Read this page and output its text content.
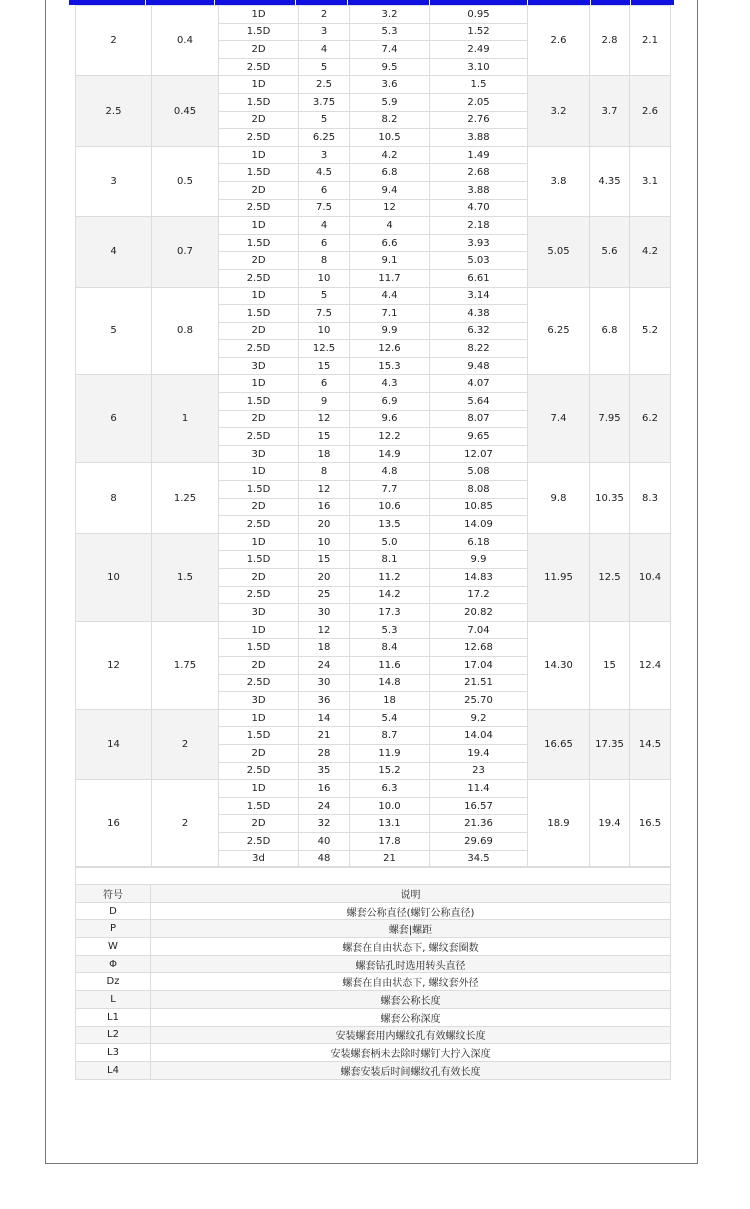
2	0.4	1D	2	3.2	0.95	2.6	2.8	2.1
		1.5D	3	5.3	1.52			
		2D	4	7.4	2.49			
		2.5D	5	9.5	3.10			
2.5	0.45	1D	2.5	3.6	1.5	3.2	3.7	2.6
		1.5D	3.75	5.9	2.05			
		2D	5	8.2	2.76			
		2.5D	6.25	10.5	3.88			
3	0.5	1D	3	4.2	1.49	3.8	4.35	3.1
		1.5D	4.5	6.8	2.68			
		2D	6	9.4	3.88			
		2.5D	7.5	12	4.70			
4	0.7	1D	4	4	2.18	5.05	5.6	4.2
		1.5D	6	6.6	3.93			
		2D	8	9.1	5.03			
		2.5D	10	11.7	6.61			
5	0.8	1D	5	4.4	3.14	6.25	6.8	5.2
		1.5D	7.5	7.1	4.38			
		2D	10	9.9	6.32			
		2.5D	12.5	12.6	8.22			
		3D	15	15.3	9.48			
6	1	1D	6	4.3	4.07	7.4	7.95	6.2
		1.5D	9	6.9	5.64			
		2D	12	9.6	8.07			
		2.5D	15	12.2	9.65			
		3D	18	14.9	12.07			
8	1.25	1D	8	4.8	5.08	9.8	10.35	8.3
		1.5D	12	7.7	8.08			
		2D	16	10.6	10.85			
		2.5D	20	13.5	14.09			
10	1.5	1D	10	5.0	6.18	11.95	12.5	10.4
		1.5D	15	8.1	9.9			
		2D	20	11.2	14.83			
		2.5D	25	14.2	17.2			
		3D	30	17.3	20.82			
12	1.75	1D	12	5.3	7.04	14.30	15	12.4
		1.5D	18	8.4	12.68			
		2D	24	11.6	17.04			
		2.5D	30	14.8	21.51			
		3D	36	18	25.70			
14	2	1D	14	5.4	9.2	16.65	17.35	14.5
		1.5D	21	8.7	14.04			
		2D	28	11.9	19.4			
		2.5D	35	15.2	23			
16	2	1D	16	6.3	11.4	18.9	19.4	16.5
		1.5D	24	10.0	16.57			
		2D	32	13.1	21.36			
		2.5D	40	17.8	29.69			
		3d	48	21	34.5			

符号	说明
D	螺套公称直径(螺钉公称直径)
P	螺套|螺距
W	螺套在自由状态下, 螺纹套圈数
Φ	螺套钻孔时选用转头直径
Dz	螺套在自由状态下, 螺纹套外径
L	螺套公称长度
L1	螺套公称深度
L2	安装螺套用内螺纹孔有效螺纹长度
L3	安装螺套柄未去除时螺钉大拧入深度
L4	螺套安装后时间螺纹孔有效长度
